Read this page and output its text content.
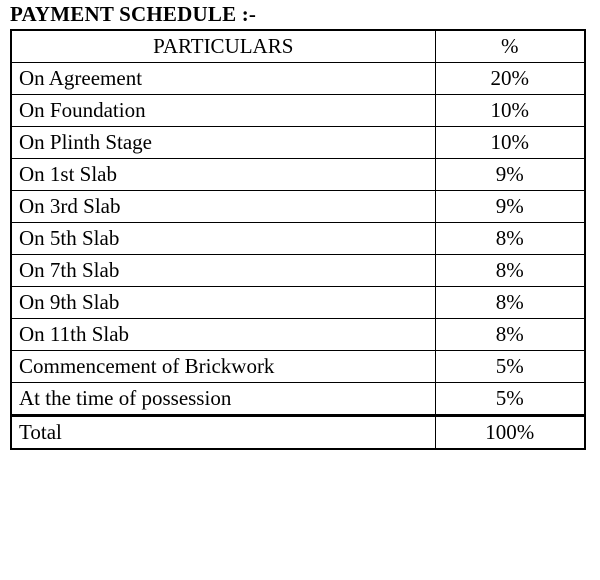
PAYMENT SCHEDULE :-
PARTICULARS	%
On Agreement	20%
On Foundation	10%
On Plinth Stage	10%
On 1st Slab	9%
On 3rd Slab	9%
On 5th Slab	8%
On 7th Slab	8%
On 9th Slab	8%
On 11th Slab	8%
Commencement of Brickwork	5%
At the time of possession	5%
Total	100%
